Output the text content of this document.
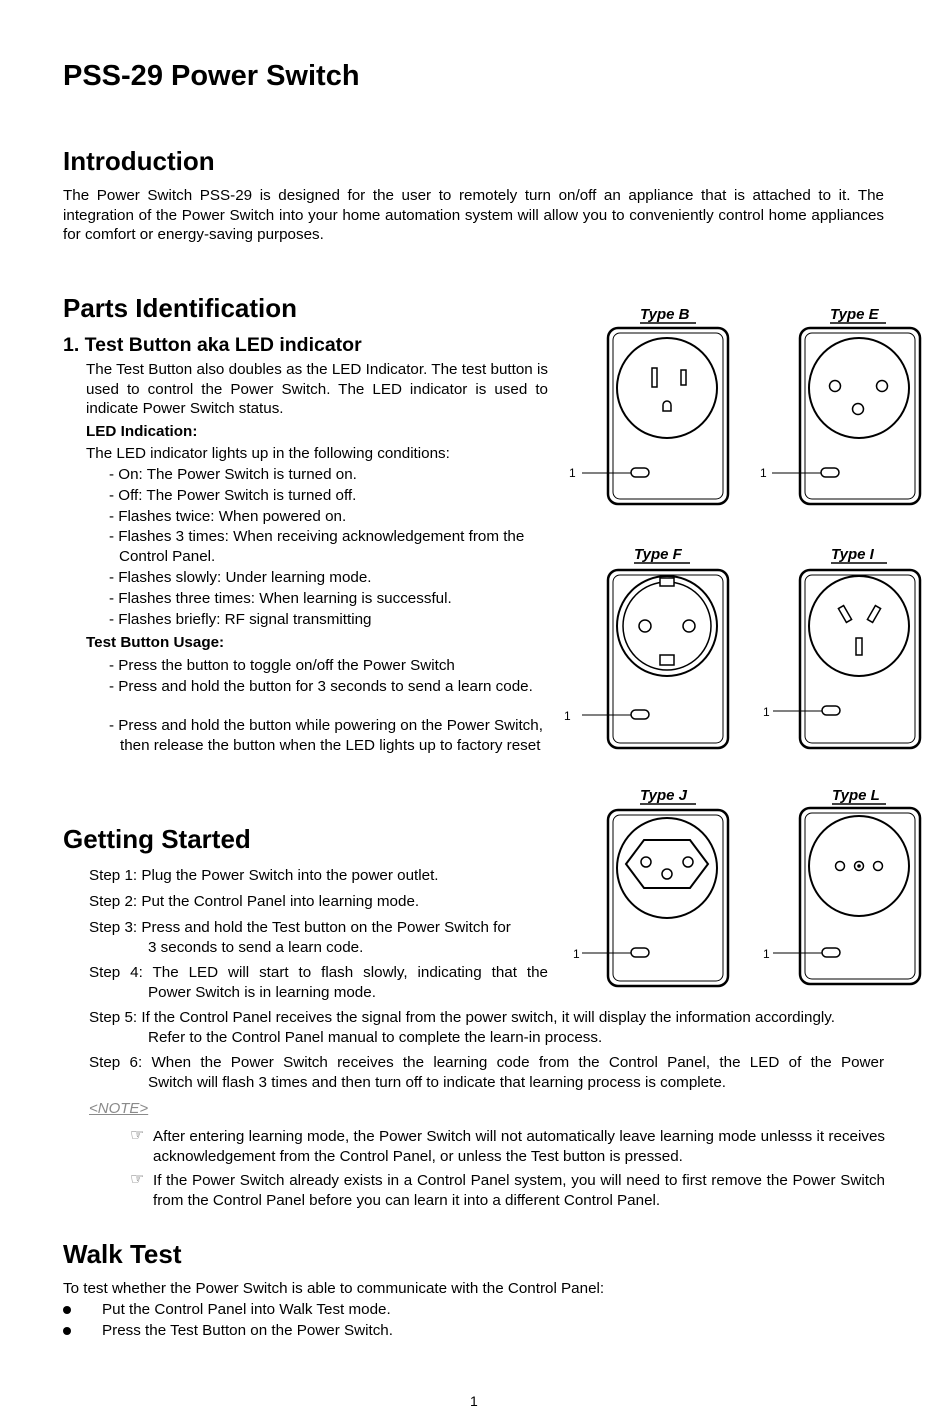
PSS-29 Power Switch
Introduction

The Power Switch PSS-29 is designed for the user to remotely turn on/off an appliance that is attached to it. The integration of the Power Switch into your home automation system will allow you to conveniently control home appliances for comfort or energy-saving purposes.

Parts Identification
1. Test Button aka LED indicator

The Test Button also doubles as the LED Indicator. The test button is used to control the Power Switch. The LED indicator is used to indicate Power Switch status.

LED Indication:

The LED indicator lights up in the following conditions:

- On: The Power Switch is turned on.

- Off: The Power Switch is turned off.

- Flashes twice: When powered on.

- Flashes 3 times: When receiving acknowledgement from the Control Panel.

- Flashes slowly: Under learning mode.

- Flashes three times: When learning is successful.

- Flashes briefly: RF signal transmitting

Test Button Usage:

- Press the button to toggle on/off the Power Switch

- Press and hold the button for 3 seconds to send a learn code.

- Press and hold the button while powering on the Power Switch, then release the button when the LED lights up to factory reset

Type B
1
Type E
1
Type F
1
Type I
1
Type J
1
Type L
1
Getting Started
Step 1: Plug the Power Switch into the power outlet.
Step 2: Put the Control Panel into learning mode.
Step 3: Press and hold the Test button on the Power Switch for
3 seconds to send a learn code.
Step 4: The LED will start to flash slowly, indicating that the
Power Switch is in learning mode.
Step 5: If the Control Panel receives the signal from the power switch, it will display the information accordingly.
Refer to the Control Panel manual to complete the learn-in process.
Step 6: When the Power Switch receives the learning code from the Control Panel, the LED of the Power
Switch will flash 3 times and then turn off to indicate that learning process is complete.
<NOTE>
☞ After entering learning mode, the Power Switch will not automatically leave learning mode unlesss it receives acknowledgement from the Control Panel, or unless the Test button is pressed.
☞ If the Power Switch already exists in a Control Panel system, you will need to first remove the Power Switch from the Control Panel before you can learn it into a different Control Panel.
Walk Test

To test whether the Power Switch is able to communicate with the Control Panel:

Put the Control Panel into Walk Test mode.
Press the Test Button on the Power Switch.
1
